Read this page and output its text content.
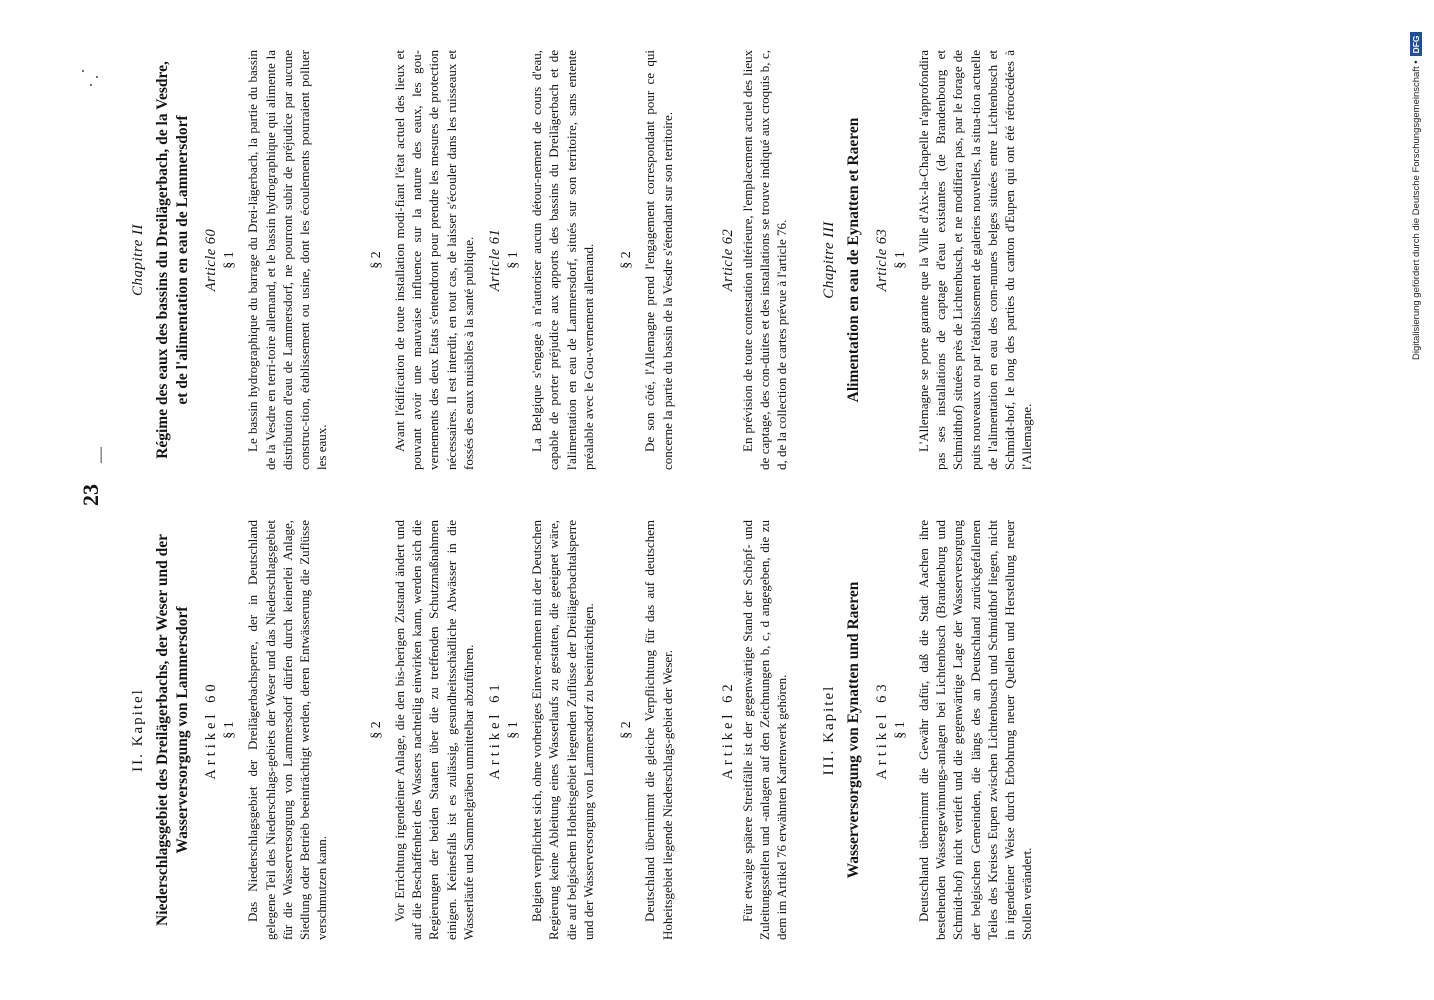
23
—
II. Kapitel Niederschlagsgebiet des Dreilägerbachs, der Weser und der Wasserversorgung von Lammersdorf Artikel 60 § 1 Das Niederschlagsgebiet der Dreilägerbachsperre, der in Deutschland gelegene Teil des Niederschlags-gebiets der Weser und das Niederschlagsgebiet für die Wasserversorgung von Lammersdorf dürfen durch keinerlei Anlage, Siedlung oder Betrieb beeinträchtigt werden, deren Entwässerung die Zuflüsse verschmutzen kann.

§ 2 Vor Errichtung irgendeiner Anlage, die den bis-herigen Zustand ändert und auf die Beschaffenheit des Wassers nachteilig einwirken kann, werden sich die Regierungen der beiden Staaten über die zu treffenden Schutzmaßnahmen einigen. Keinesfalls ist es zulässig, gesundheitsschädliche Abwässer in die Wasserläufe und Sammelgräben unmittelbar abzuführen. Artikel 61 § 1 Belgien verpflichtet sich, ohne vorheriges Einver-nehmen mit der Deutschen Regierung keine Ableitung eines Wasserlaufs zu gestatten, die geeignet wäre, die auf belgischem Hoheitsgebiet liegenden Zuflüsse der Dreilägerbachtalsperre und der Wasserversorgung von Lammersdorf zu beeinträchtigen. § 2 Deutschland übernimmt die gleiche Verpflichtung für das auf deutschem Hoheitsgebiet liegende Niederschlags-gebiet der Weser.	Artikel 62 Für etwaige spätere Streitfälle ist der gegenwärtige Stand der Schöpf- und Zuleitungsstellen und -anlagen auf den Zeichnungen b, c, d angegeben, die zu dem im Artikel 76 erwähnten Kartenwerk gehören. III. Kapitel Wasserversorgung von Eynatten und Raeren Artikel 63 § 1 Deutschland übernimmt die Gewähr dafür, daß die Stadt Aachen ihre bestehenden Wassergewinnungs-anlagen bei Lichtenbusch (Brandenburg und Schmidt-hof) nicht vertieft und die gegenwärtige Lage der Wasserversorgung der belgischen Gemeinden, die längs des an Deutschland zurückgefallenen Teiles des Kreises Eupen zwischen Lichtenbusch und Schmidthof liegen, nicht in irgendeiner Weise durch Erbohrung neuer Quellen und Herstellung neuer Stollen verändert.

Chapitre II Régime des eaux des bassins du Dreilägerbach, de la Vesdre, et de l'alimentation en eau de Lammersdorf Article 60 § 1 Le bassin hydrographique du barrage du Drei-lägerbach, la partie du bassin de la Vesdre en terri-toire allemand, et le bassin hydrographique qui alimente la distribution d'eau de Lammersdorf, ne pourront subir de préjudice par aucune construc-tion, établissement ou usine, dont les écoulements pourraient polluer les eaux.

§ 2 Avant l'édification de toute installation modi-fiant l'état actuel des lieux et pouvant avoir une mauvaise influence sur la nature des eaux, les gou-vernements des deux Etats s'entendront pour prendre les mesures de protection nécessaires. Il est interdit, en tout cas, de laisser s'écouler dans les ruisseaux et fossés des eaux nuisibles à la santé publique. Article 61 § 1 La Belgique s'engage à n'autoriser aucun détour-nement de cours d'eau, capable de porter préjudice aux apports des bassins du Dreilägerbach et de l'alimentation en eau de Lammersdorf, situés sur son territoire, sans entente préalable avec le Gou-vernement allemand. § 2 De son côté, l'Allemagne prend l'engagement correspondant pour ce qui concerne la partie du bassin de la Vesdre s'étendant sur son territoire.	Article 62 En prévision de toute contestation ultérieure, l'emplacement actuel des lieux de captage, des con-duites et des installations se trouve indiqué aux croquis b, c, d, de la collection de cartes prévue à l'article 76. Chapitre III Alimentation en eau de Eynatten et Raeren Article 63 § 1 L'Allemagne se porte garante que la Ville d'Aix-la-Chapelle n'approfondira pas ses installations de captage d'eau existantes (de Brandenbourg et Schmidthof) situées près de Lichtenbusch, et ne modifiera pas, par le forage de puits nouveaux ou par l'établissement de galeries nouvelles, la situa-tion actuelle de l'alimentation en eau des com-munes belges situées entre Lichtenbusch et Schmidt-hof, le long des parties du canton d'Eupen qui ont été rétrocédées à l'Allemagne.

Digitalisierung gefördert durch die Deutsche Forschungsgemeinschaft •
DFG
